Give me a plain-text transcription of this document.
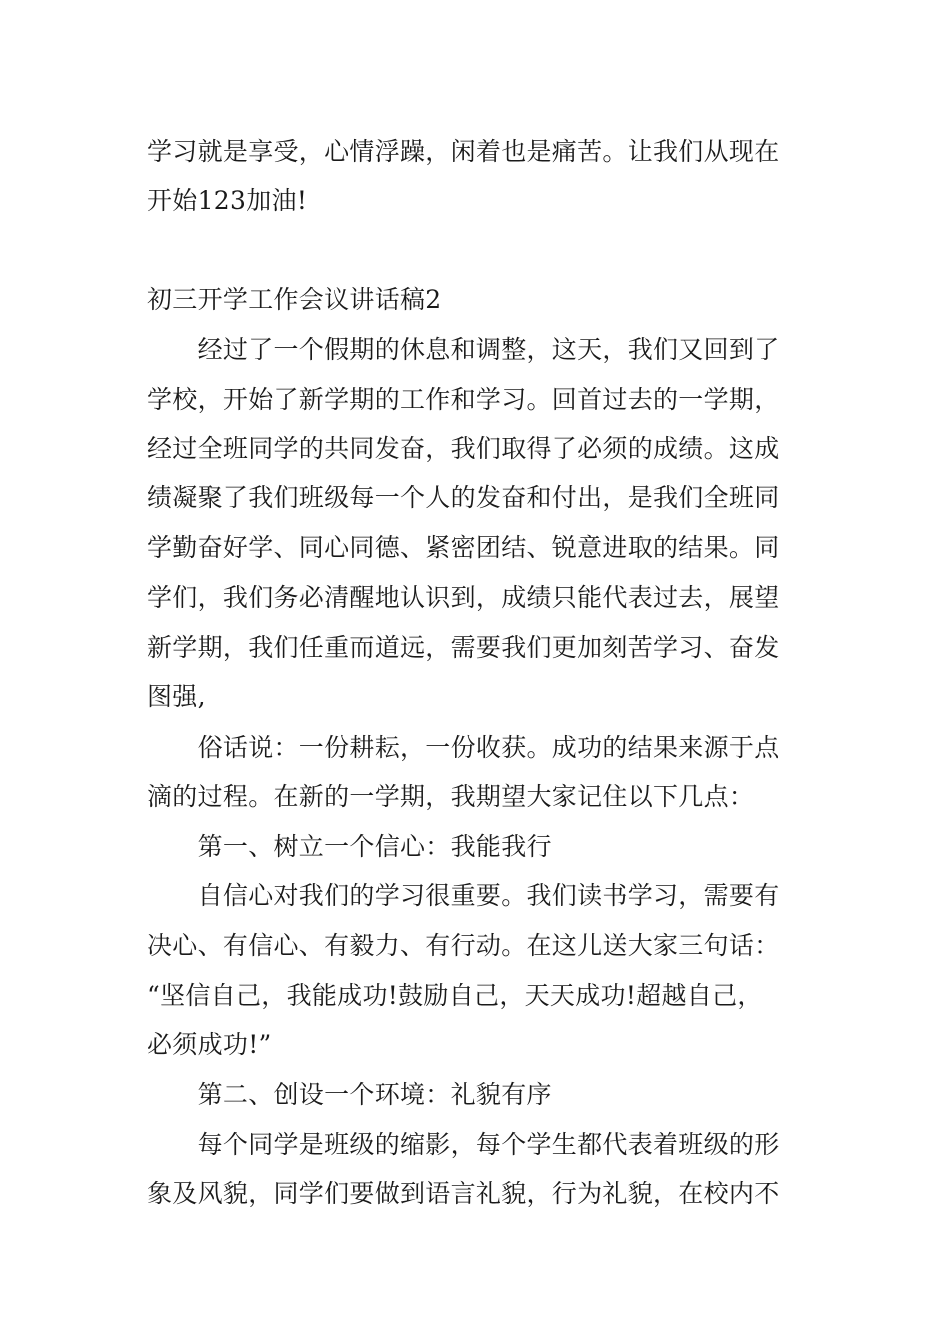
学习就是享受，心情浮躁，闲着也是痛苦。让我们从现在
开始123加油!
初三开学工作会议讲话稿2
　　经过了一个假期的休息和调整，这天，我们又回到了
学校，开始了新学期的工作和学习。回首过去的一学期，
经过全班同学的共同发奋，我们取得了必须的成绩。这成
绩凝聚了我们班级每一个人的发奋和付出，是我们全班同
学勤奋好学、同心同德、紧密团结、锐意进取的结果。同
学们，我们务必清醒地认识到，成绩只能代表过去，展望
新学期，我们任重而道远，需要我们更加刻苦学习、奋发
图强,
　　俗话说：一份耕耘，一份收获。成功的结果来源于点
滴的过程。在新的一学期，我期望大家记住以下几点：
　　第一、树立一个信心：我能我行
　　自信心对我们的学习很重要。我们读书学习，需要有
决心、有信心、有毅力、有行动。在这儿送大家三句话：
“坚信自己，我能成功!鼓励自己，天天成功!超越自己，
必须成功!”
　　第二、创设一个环境：礼貌有序
　　每个同学是班级的缩影，每个学生都代表着班级的形
象及风貌，同学们要做到语言礼貌，行为礼貌，在校内不
